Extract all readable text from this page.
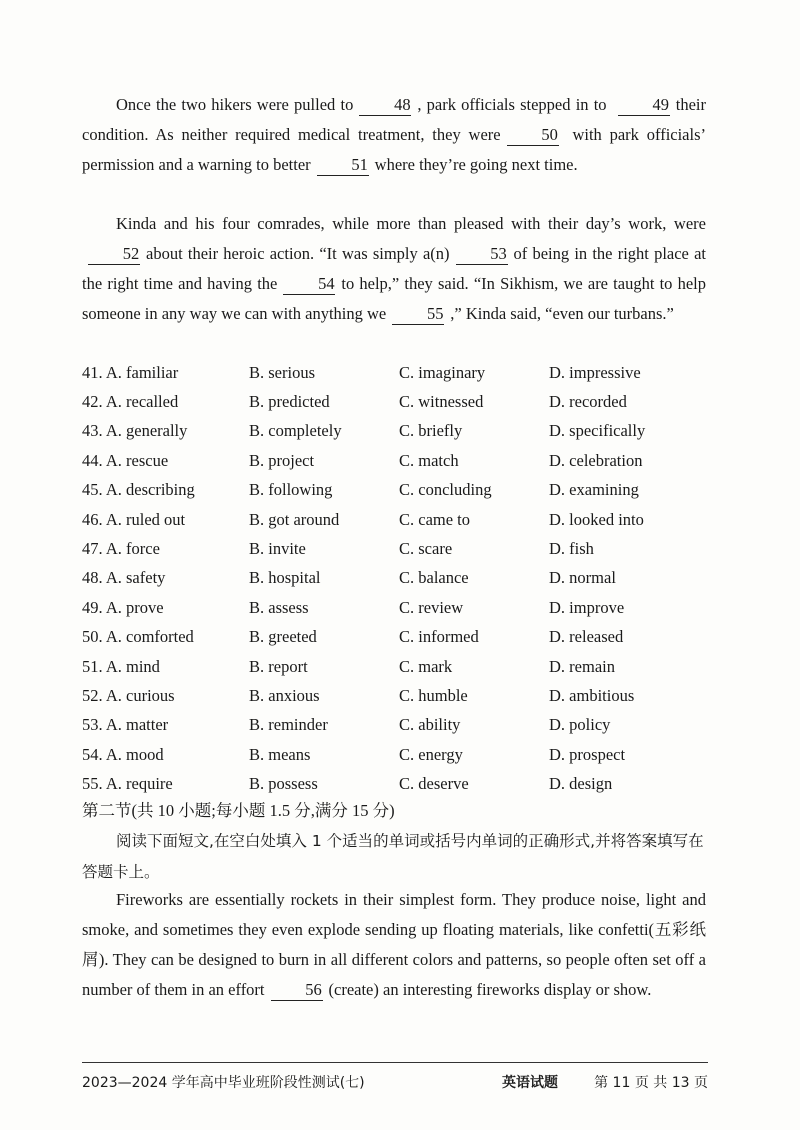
Once the two hikers were pulled to 48 , park officials stepped in to	49 their condition. As neither required medical treatment, they were 50 with park officials’ permission and a warning to better 51 where they’re going next time.

Kinda and his four comrades, while more than pleased with their day’s work, were52 about their heroic action. “It was simply a(n) 53 of being in the right place at the right time and having the 54 to help,” they said. “In Sikhism, we are taught to help someone in any way we can with anything we 55 ,” Kinda said, “even our turbans.”

41. A. familiar	B. serious	C. imaginary	D. impressive
42. A. recalled	B. predicted	C. witnessed	D. recorded
43. A. generally	B. completely	C. briefly	D. specifically
44. A. rescue	B. project	C. match	D. celebration
45. A. describing	B. following	C. concluding	D. examining
46. A. ruled out	B. got around	C. came to	D. looked into
47. A. force	B. invite	C. scare	D. fish
48. A. safety	B. hospital	C. balance	D. normal
49. A. prove	B. assess	C. review	D. improve
50. A. comforted	B. greeted	C. informed	D. released
51. A. mind	B. report	C. mark	D. remain
52. A. curious	B. anxious	C. humble	D. ambitious
53. A. matter	B. reminder	C. ability	D. policy
54. A. mood	B. means	C. energy	D. prospect
55. A. require	B. possess	C. deserve	D. design
第二节(共 10 小题;每小题 1.5 分,满分 15 分)
阅读下面短文,在空白处填入 1 个适当的单词或括号内单词的正确形式,并将答案填写在答题卡上。

Fireworks are essentially rockets in their simplest form. They produce noise, light and smoke, and sometimes they even explode sending up floating materials, like confetti(五彩纸屑). They can be designed to burn in all different colors and patterns, so people often set off a number of them in an effort 56 (create) an interesting fireworks display or show.

2023—2024 学年高中毕业班阶段性测试(七)	英语试题	第 11 页 共 13 页
